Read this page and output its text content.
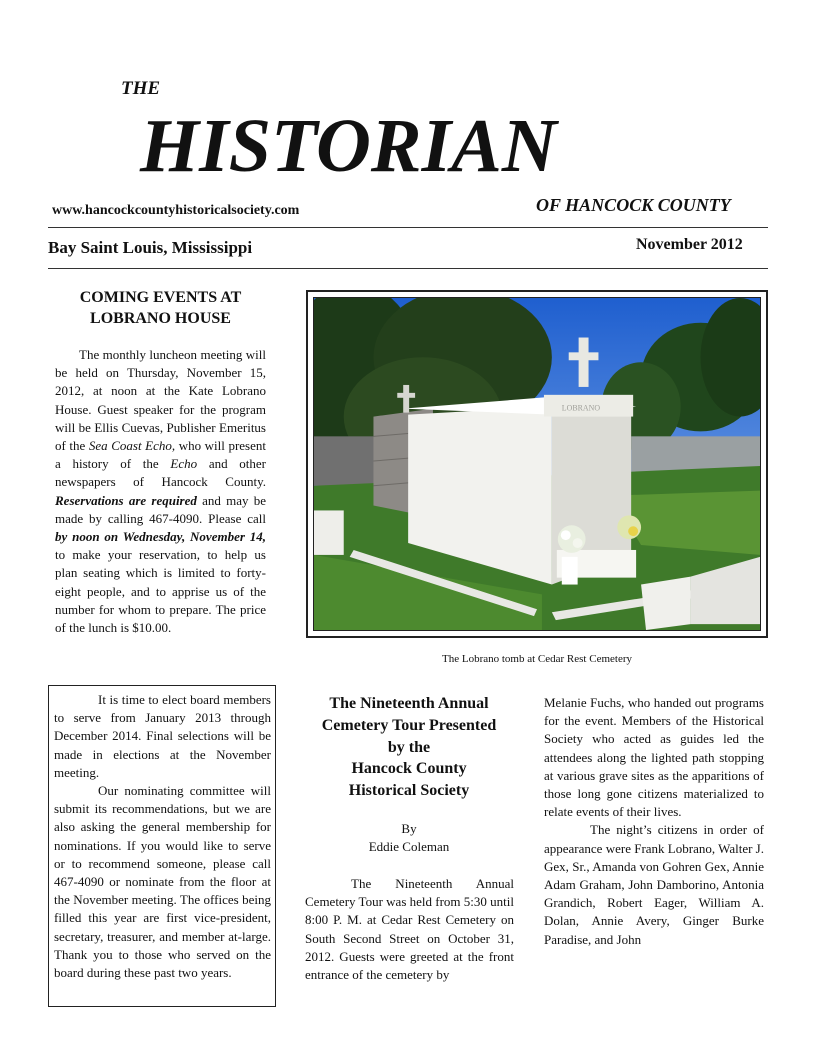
THE
HISTORIAN
www.hancockcountyhistoricalsociety.com	OF HANCOCK COUNTY
Bay Saint Louis, Mississippi	November 2012
COMING EVENTS AT
LOBRANO HOUSE

The monthly luncheon meeting will be held on Thursday, November 15, 2012, at noon at the Kate Lobrano House. Guest speaker for the program will be Ellis Cuevas, Publisher Emeritus of the Sea Coast Echo, who will present a history of the Echo and other newspapers of Hancock County. Reservations are required and may be made by calling 467-4090. Please call by noon on Wednesday, November 14, to make your reservation, to help us plan seating which is limited to forty-eight people, and to apprise us of the number for whom to prepare. The price of the lunch is $10.00.

LOBRANO
The Lobrano tomb at Cedar Rest Cemetery

It is time to elect board members to serve from January 2013 through December 2014. Final selections will be made in elections at the November meeting.

Our nominating committee will submit its recommendations, but we are also asking the general membership for nominations. If you would like to serve or to recommend someone, please call 467-4090 or nominate from the floor at the November meeting. The offices being filled this year are first vice-president, secretary, treasurer, and member at-large. Thank you to those who served on the board during these past two years.

The Nineteenth Annual
Cemetery Tour Presented
by the
Hancock County
Historical Society
By
Eddie Coleman

The Nineteenth Annual Cemetery Tour was held from 5:30 until 8:00 P. M. at Cedar Rest Cemetery on South Second Street on October 31, 2012. Guests were greeted at the front entrance of the cemetery by

Melanie Fuchs, who handed out programs for the event. Members of the Historical Society who acted as guides led the attendees along the lighted path stopping at various grave sites as the apparitions of those long gone citizens materialized to relate events of their lives.

The night’s citizens in order of appearance were Frank Lobrano, Walter J. Gex, Sr., Amanda von Gohren Gex, Annie Adam Graham, John Damborino, Antonia Grandich, Robert Eager, William A. Dolan, Annie Avery, Ginger Burke Paradise, and John
